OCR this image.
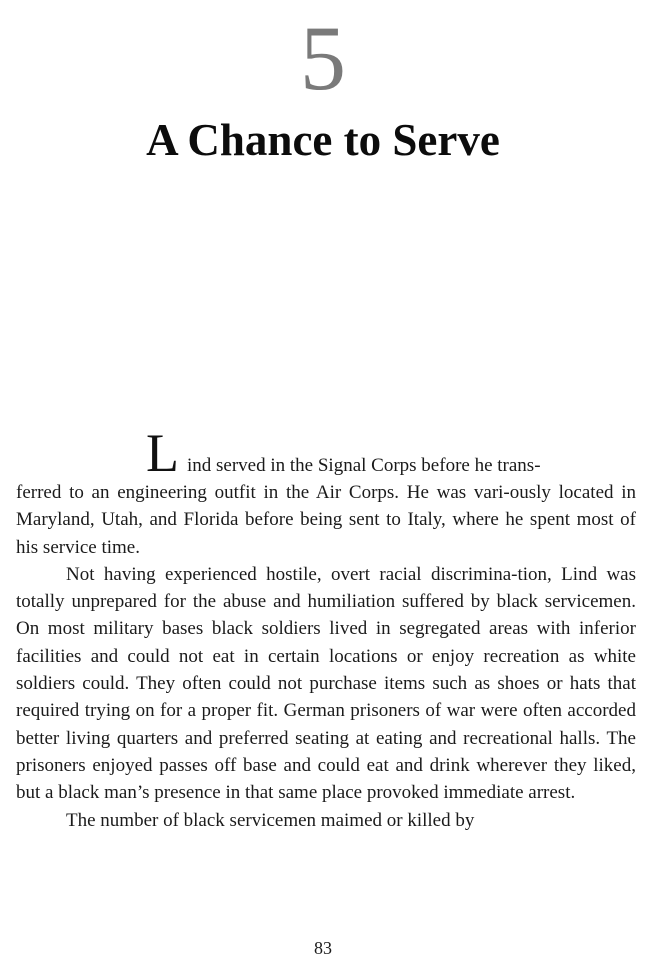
5
A Chance to Serve
L ind served in the Signal Corps before he trans-

ferred to an engineering outfit in the Air Corps. He was vari-ously located in Maryland, Utah, and Florida before being sent to Italy, where he spent most of his service time.

Not having experienced hostile, overt racial discrimina-tion, Lind was totally unprepared for the abuse and humiliation suffered by black servicemen. On most military bases black soldiers lived in segregated areas with inferior facilities and could not eat in certain locations or enjoy recreation as white soldiers could. They often could not purchase items such as shoes or hats that required trying on for a proper fit. German prisoners of war were often accorded better living quarters and preferred seating at eating and recreational halls. The prisoners enjoyed passes off base and could eat and drink wherever they liked, but a black man’s presence in that same place provoked immediate arrest.

The number of black servicemen maimed or killed by

83
